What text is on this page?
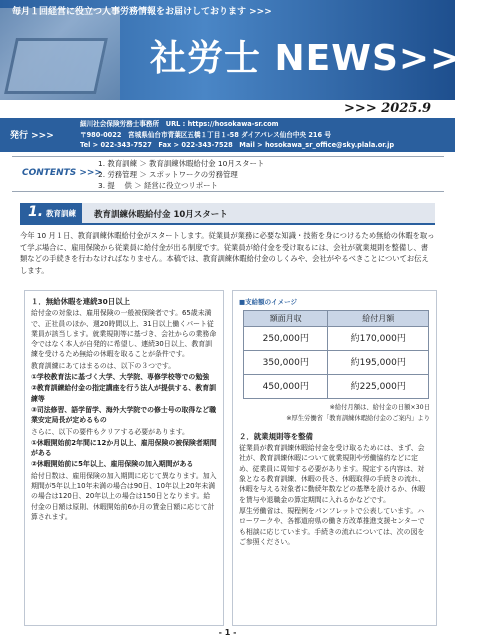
毎月１回経営に役立つ人事労務情報をお届けしております >>>
社労士 NEWS>>>
>>> 2025.9
発行 >>>
細川社会保険労務士事務所　URL : https://hosokawa-sr.com
〒980-0022　宮城県仙台市青葉区五橋１丁目１-58 ダイアパレス仙台中央 216 号
Tel > 022-343-7527　Fax > 022-343-7528　Mail > hosokawa_sr_office@sky.plala.or.jp
CONTENTS >>>
1. 教育訓練 ＞ 教育訓練休暇給付金 10月スタート
2. 労務管理 ＞ スポットワークの労務管理
3. 提　 供 ＞ 経営に役立つリポート
1. 教育訓練 教育訓練休暇給付金 10月スタート
今年 10 月１日、教育訓練休暇給付金がスタートします。従業員が業務に必要な知識・技術を身につけるため無給の休暇を取って学ぶ場合に、雇用保険から従業員に給付金が出る制度です。従業員が給付金を受け取るには、会社が就業規則を整備し、書類などの手続きを行わなければなりません。本稿では、教育訓練休暇給付金のしくみや、会社がやるべきことについてお伝えします。
１．無給休暇を連続30日以上

給付金の対象は、雇用保険の一般被保険者です。65歳未満で、正社員のほか、週20時間以上、31日以上働くパート従業員が該当します。就業規則等に基づき、会社からの業務命令ではなく本人が自発的に希望し、連続30日以上、教育訓練を受けるため無給の休暇を取ることが条件です。

教育訓練にあてはまるのは、以下の３つです。

①学校教育法に基づく大学、大学院、専修学校等での勉強

②教育訓練給付金の指定講座を行う法人が提供する、教育訓練等

③司法修習、語学留学、海外大学院での修士号の取得など職業安定局長が定めるもの

さらに、以下の要件もクリアする必要があります。

①休暇開始前2年間に12か月以上、雇用保険の被保険者期間がある

②休暇開始前に5年以上、雇用保険の加入期間がある

給付日数は、雇用保険の加入期間に応じて異なります。加入期間が5年以上10年未満の場合は90日、10年以上20年未満の場合は120日、20年以上の場合は150日となります。給付金の日額は原則、休暇開始前6か月の賃金日額に応じて計算されます。

■支給額のイメージ
額面月収	給付月額
250,000円	約170,000円
350,000円	約195,000円
450,000円	約225,000円
※給付月額は、給付金の日額×30日
※厚生労働省「教育訓練休暇給付金のご案内」より
２．就業規則等を整備

従業員が教育訓練休暇給付金を受け取るためには、まず、会社が、教育訓練休暇について就業規則や労働協約などに定め、従業員に周知する必要があります。規定する内容は、対象となる教育訓練、休暇の長さ、休暇取得の手続きの流れ、休暇を与える対象者に勤続年数などの基準を設けるか、休暇を賃与や退職金の算定期間に入れるかなどです。

厚生労働省は、規程例をパンフレットで公表しています。ハローワークや、各都道府県の働き方改革推進支援センターでも相談に応じています。手続きの流れについては、次の図をご参照ください。

- 1 -
